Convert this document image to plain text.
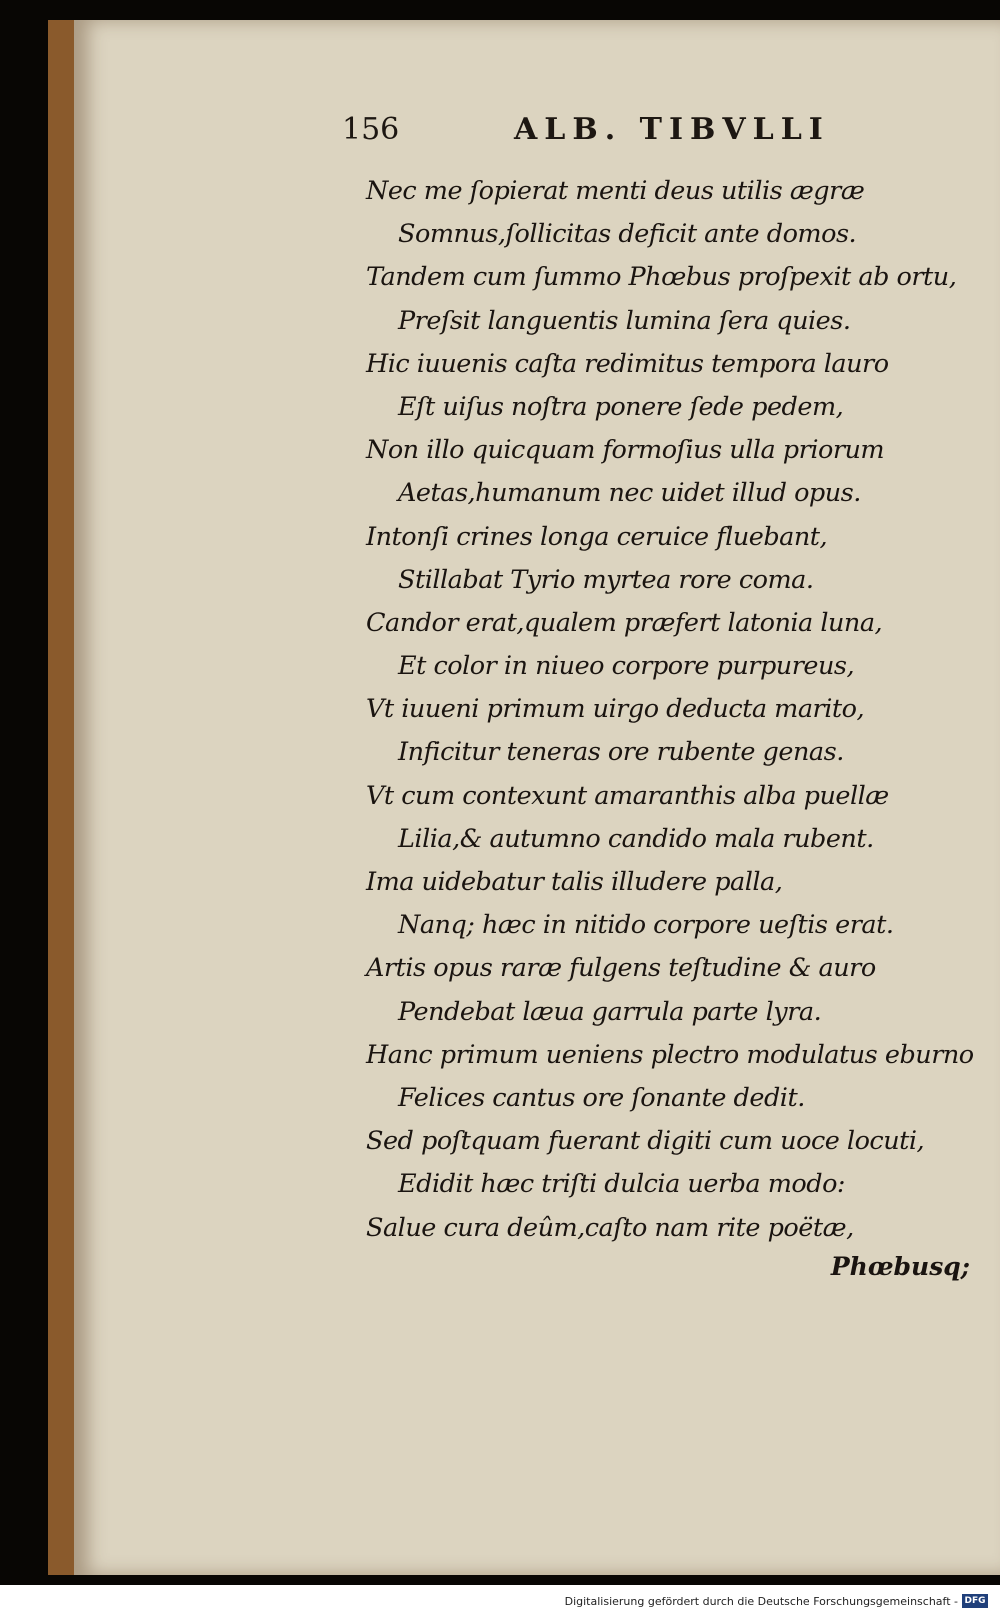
156	ALB. TIBVLLI
Nec me ſopierat menti deus utilis ægræ
Somnus,ſollicitas deficit ante domos.
Tandem cum ſummo Phœbus proſpexit ab ortu,
Preſsit languentis lumina ſera quies.
Hic iuuenis caſta redimitus tempora lauro
Eſt uiſus noſtra ponere ſede pedem,
Non illo quicquam formoſius ulla priorum
Aetas,humanum nec uidet illud opus.
Intonſi crines longa ceruice fluebant,
Stillabat Tyrio myrtea rore coma.
Candor erat,qualem præfert latonia luna,
Et color in niueo corpore purpureus,
Vt iuueni primum uirgo deducta marito,
Inficitur teneras ore rubente genas.
Vt cum contexunt amaranthis alba puellæ
Lilia,& autumno candido mala rubent.
Ima uidebatur talis illudere palla,
Nanq; hæc in nitido corpore ueſtis erat.
Artis opus raræ fulgens teſtudine & auro
Pendebat læua garrula parte lyra.
Hanc primum ueniens plectro modulatus eburno
Felices cantus ore ſonante dedit.
Sed poſtquam fuerant digiti cum uoce locuti,
Edidit hæc triſti dulcia uerba modo:
Salue cura deûm,caſto nam rite poëtæ,
Phœbusq;
Digitalisierung gefördert durch die Deutsche Forschungsgemeinschaft - DFG
